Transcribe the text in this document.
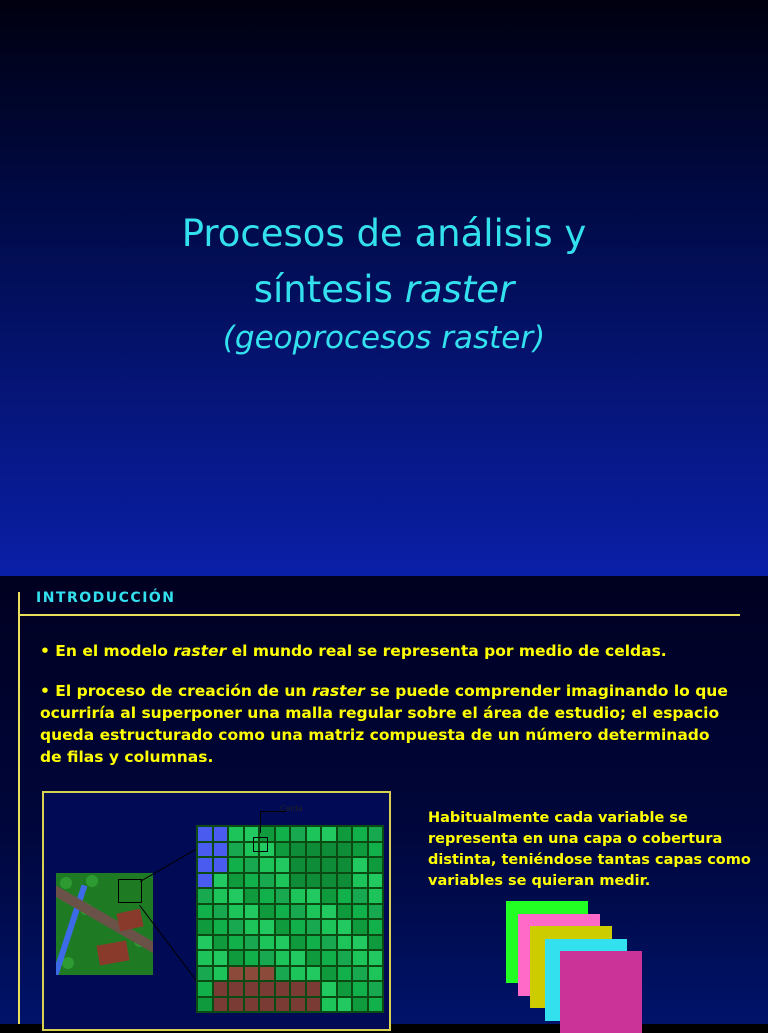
Procesos de análisis y
síntesis raster
(geoprocesos raster)
INTRODUCCIÓN
• En el modelo raster el mundo real se representa por medio de celdas.
• El proceso de creación de un raster se puede comprender imaginando lo que ocurriría al superponer una malla regular sobre el área de estudio; el espacio queda estructurado como una matriz compuesta de un número determinado de filas y columnas.
Celda
Habitualmente cada variable se representa en una capa o cobertura distinta, teniéndose tantas capas como variables se quieran medir.
